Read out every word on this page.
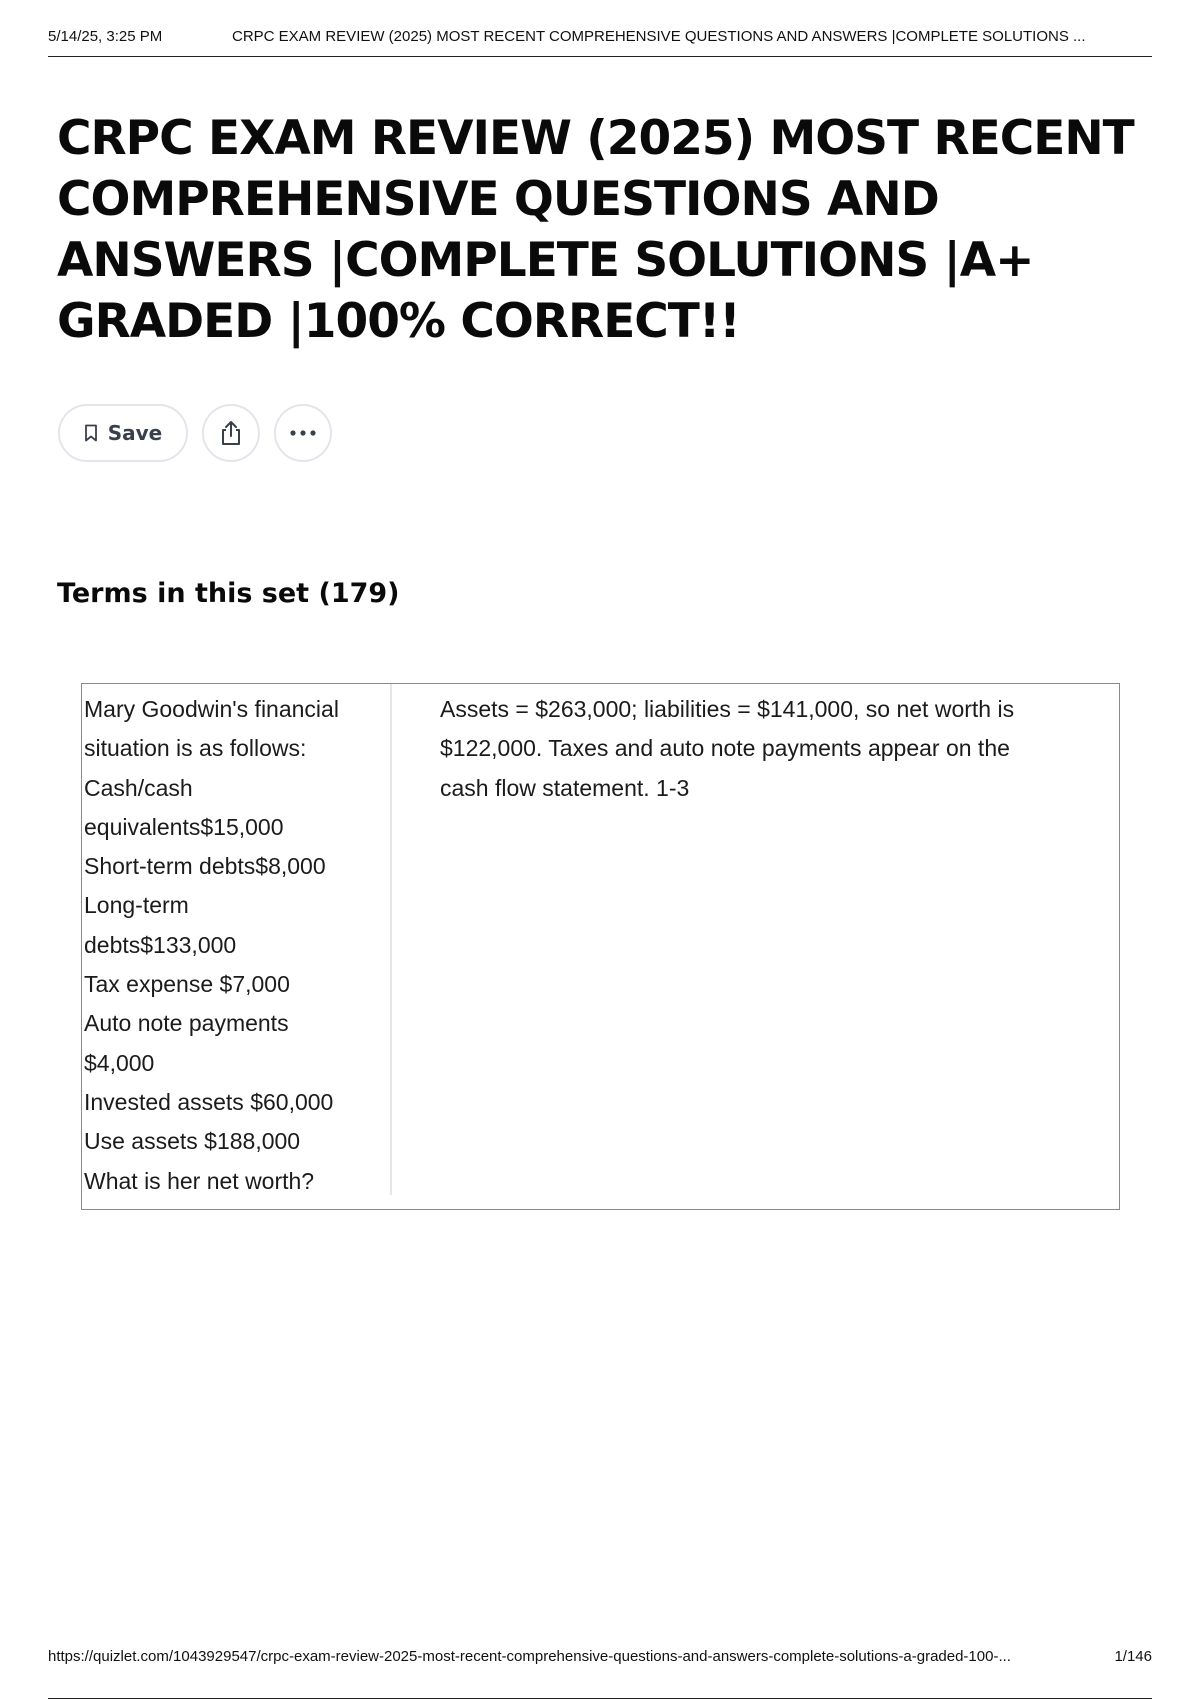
5/14/25, 3:25 PM	CRPC EXAM REVIEW (2025) MOST RECENT COMPREHENSIVE QUESTIONS AND ANSWERS |COMPLETE SOLUTIONS ...
CRPC EXAM REVIEW (2025) MOST RECENT COMPREHENSIVE QUESTIONS AND ANSWERS |COMPLETE SOLUTIONS |A+ GRADED |100% CORRECT!!
Save
Terms in this set (179)
Mary Goodwin's financial
situation is as follows:
Cash/cash
equivalents$15,000
Short-term debts$8,000
Long-term
debts$133,000
Tax expense $7,000
Auto note payments
$4,000
Invested assets $60,000
Use assets $188,000
What is her net worth?
Assets = $263,000; liabilities = $141,000, so net worth is $122,000. Taxes and auto note payments appear on the cash flow statement. 1-3
https://quizlet.com/1043929547/crpc-exam-review-2025-most-recent-comprehensive-questions-and-answers-complete-solutions-a-graded-100-...	1/146
